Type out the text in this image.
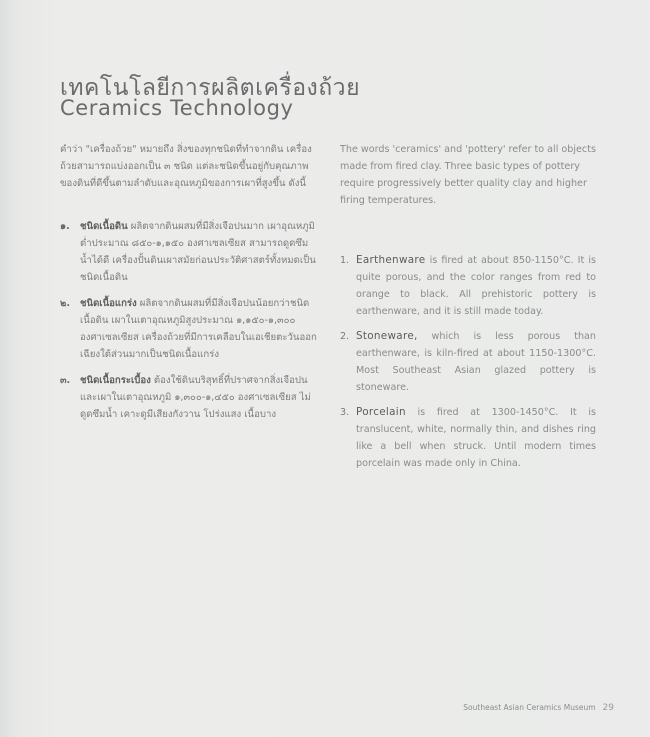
เทคโนโลยีการผลิตเครื่องถ้วย
Ceramics Technology

คำว่า "เครื่องถ้วย" หมายถึง สิ่งของทุกชนิดที่ทำจากดิน เครื่องถ้วยสามารถแบ่งออกเป็น ๓ ชนิด แต่ละชนิดขึ้นอยู่กับคุณภาพของดินที่ดีขึ้นตามลำดับและอุณหภูมิของการเผาที่สูงขึ้น ดังนี้

๑. ชนิดเนื้อดิน ผลิตจากดินผสมที่มีสิ่งเจือปนมาก เผาอุณหภูมิต่ำประมาณ ๘๕๐-๑,๑๕๐ องศาเซลเซียส สามารถดูดซึมน้ำได้ดี เครื่องปั้นดินเผาสมัยก่อนประวัติศาสตร์ทั้งหมดเป็นชนิดเนื้อดิน
๒. ชนิดเนื้อแกร่ง ผลิตจากดินผสมที่มีสิ่งเจือปนน้อยกว่าชนิดเนื้อดิน เผาในเตาอุณหภูมิสูงประมาณ ๑,๑๕๐-๑,๓๐๐ องศาเซลเซียส เครื่องถ้วยที่มีการเคลือบในเอเชียตะวันออกเฉียงใต้ส่วนมากเป็นชนิดเนื้อแกร่ง
๓. ชนิดเนื้อกระเบื้อง ต้องใช้ดินบริสุทธิ์ที่ปราศจากสิ่งเจือปน และเผาในเตาอุณหภูมิ ๑,๓๐๐-๑,๔๕๐ องศาเซลเซียส ไม่ดูดซึมน้ำ เคาะดูมีเสียงกังวาน โปร่งแสง เนื้อบาง

The words 'ceramics' and 'pottery' refer to all objects made from fired clay. Three basic types of pottery require progressively better quality clay and higher firing temperatures.

1. Earthenware is fired at about 850-1150°C. It is quite porous, and the color ranges from red to orange to black. All prehistoric pottery is earthenware, and it is still made today.
2. Stoneware, which is less porous than earthenware, is kiln-fired at about 1150-1300°C. Most Southeast Asian glazed pottery is stoneware.
3. Porcelain is fired at 1300-1450°C. It is translucent, white, normally thin, and dishes ring like a bell when struck. Until modern times porcelain was made only in China.
Southeast Asian Ceramics Museum 29
